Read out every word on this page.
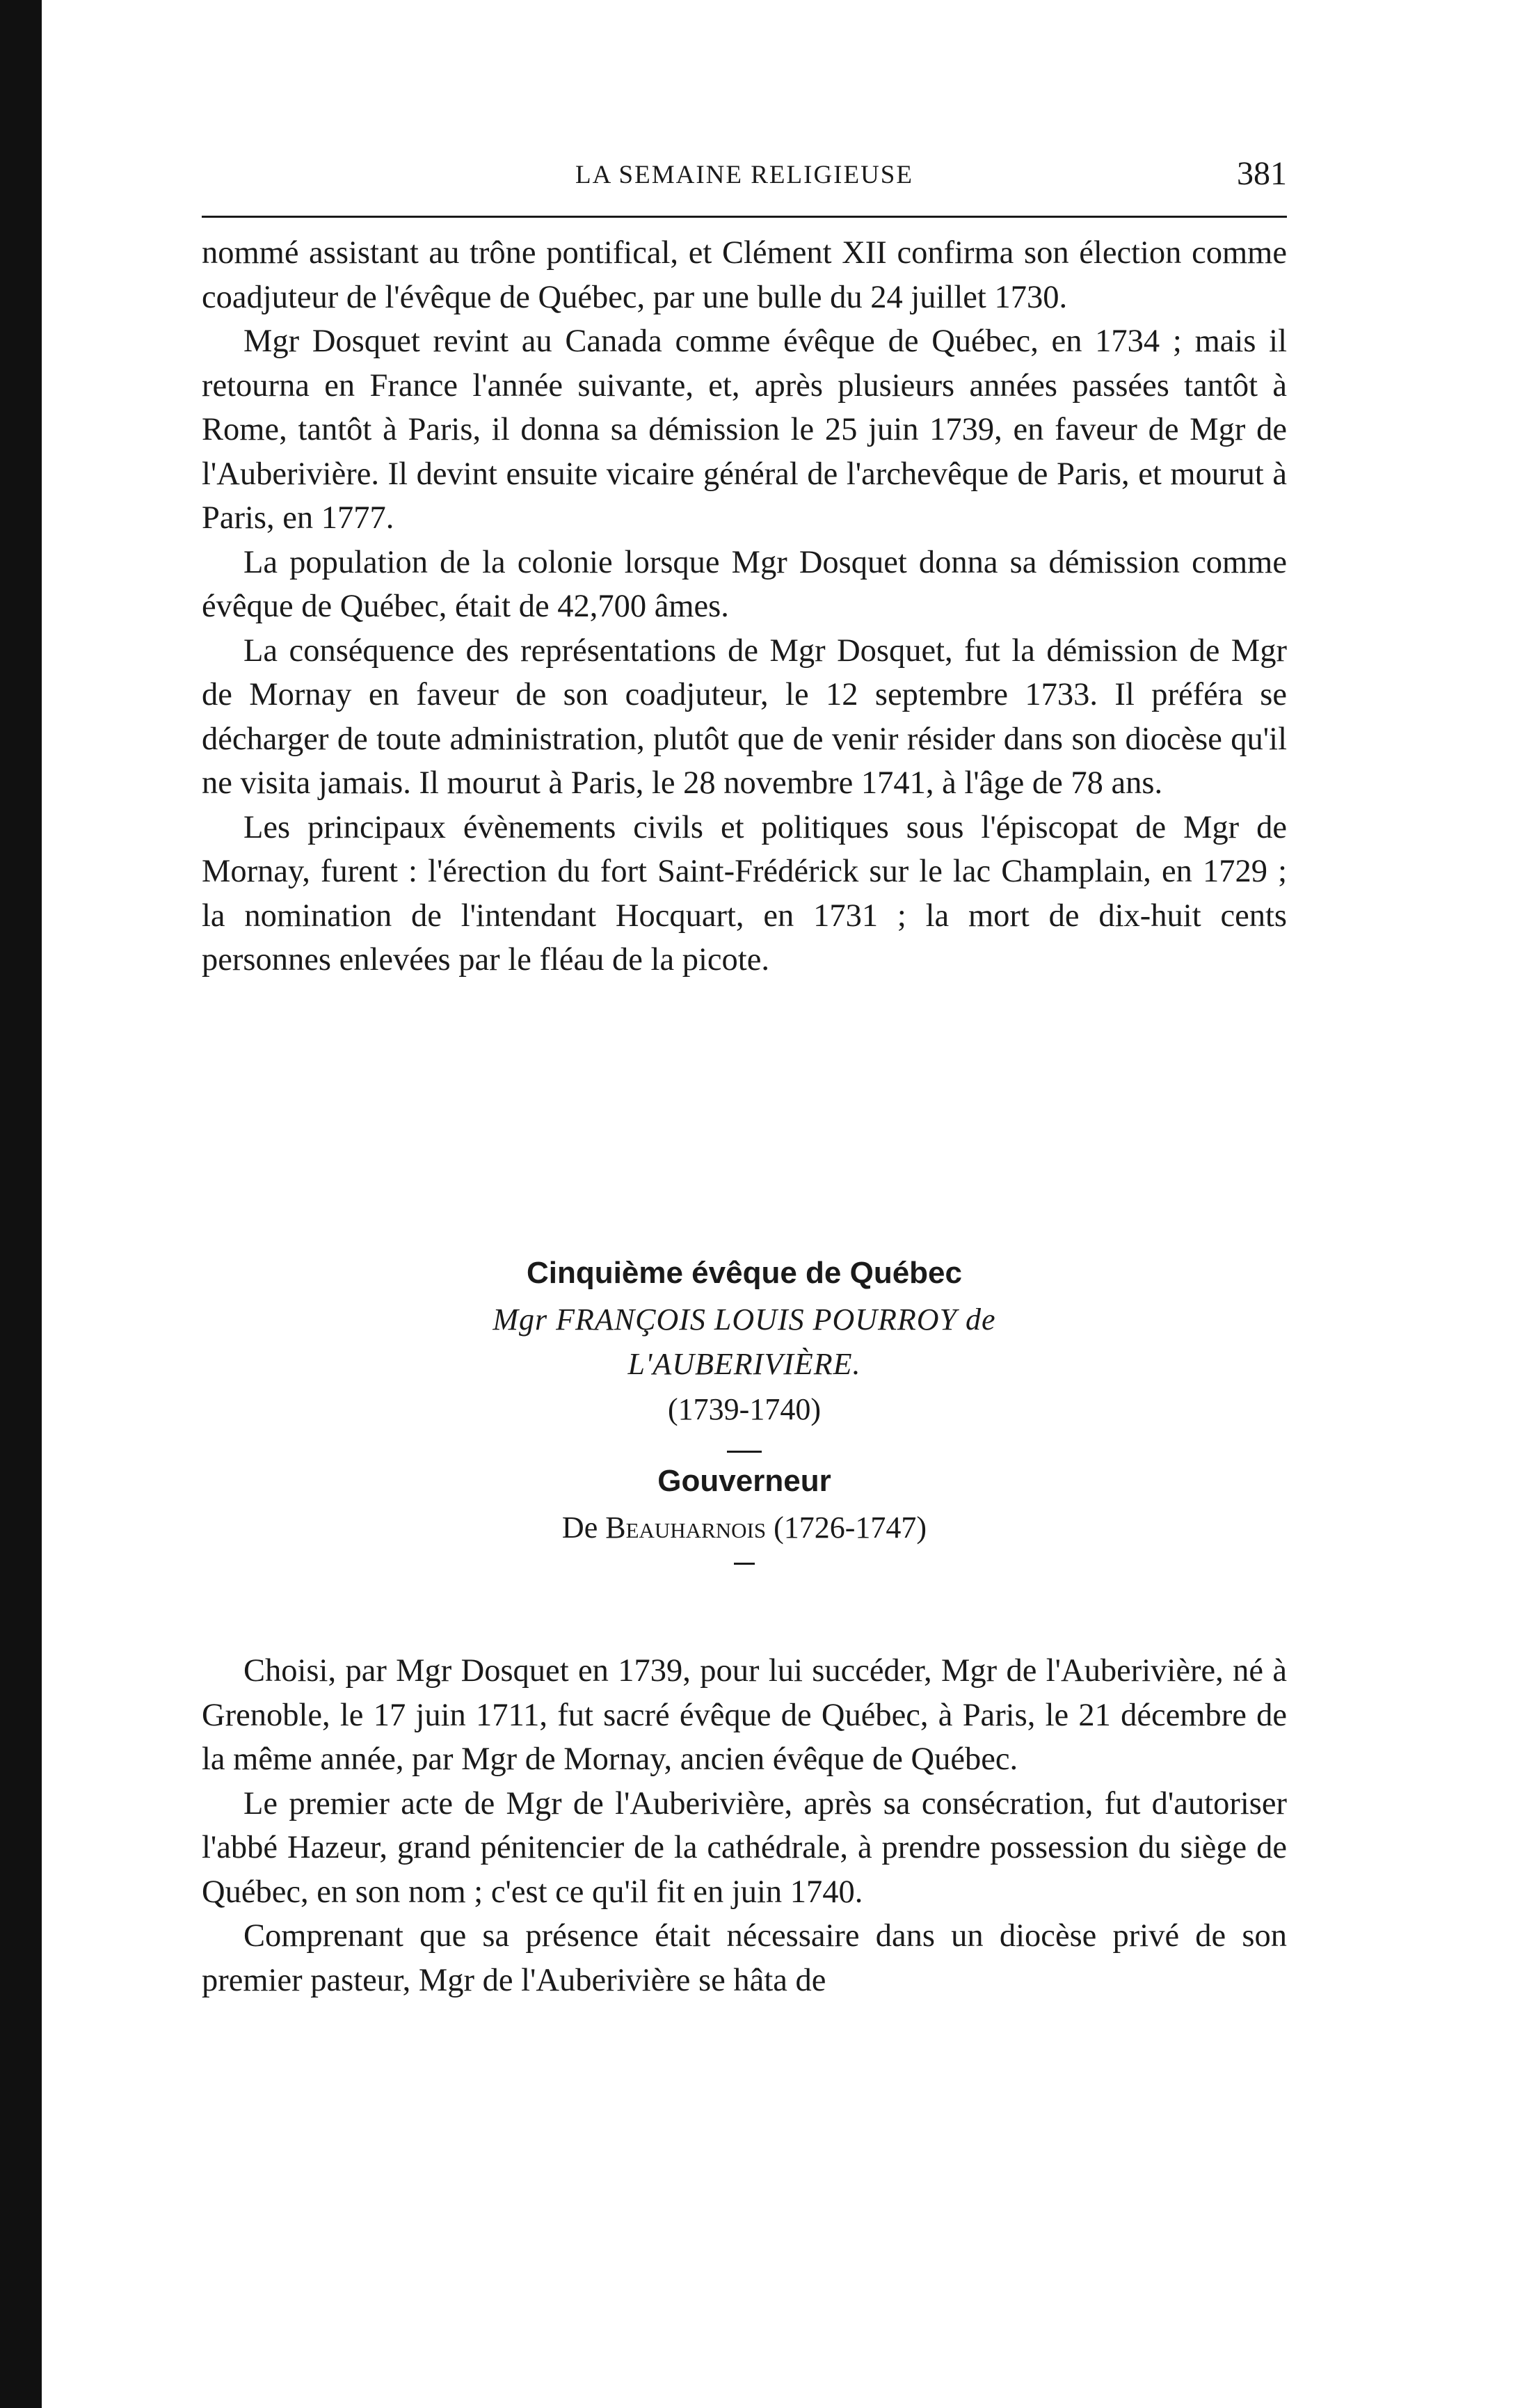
LA SEMAINE RELIGIEUSE	381

nommé assistant au trône pontifical, et Clément XII confirma son élection comme coadjuteur de l'évêque de Québec, par une bulle du 24 juillet 1730.

Mgr Dosquet revint au Canada comme évêque de Québec, en 1734 ; mais il retourna en France l'année suivante, et, après plusieurs années passées tantôt à Rome, tantôt à Paris, il donna sa démission le 25 juin 1739, en faveur de Mgr de l'Auberivière. Il devint ensuite vicaire général de l'archevêque de Paris, et mourut à Paris, en 1777.

La population de la colonie lorsque Mgr Dosquet donna sa démission comme évêque de Québec, était de 42,700 âmes.

La conséquence des représentations de Mgr Dosquet, fut la démission de Mgr de Mornay en faveur de son coadjuteur, le 12 septembre 1733. Il préféra se décharger de toute administration, plutôt que de venir résider dans son diocèse qu'il ne visita jamais. Il mourut à Paris, le 28 novembre 1741, à l'âge de 78 ans.

Les principaux évènements civils et politiques sous l'épiscopat de Mgr de Mornay, furent : l'érection du fort Saint-Frédérick sur le lac Champlain, en 1729 ; la nomination de l'intendant Hocquart, en 1731 ; la mort de dix-huit cents personnes enlevées par le fléau de la picote.

Cinquième évêque de Québec
Mgr FRANÇOIS LOUIS POURROY de
L'AUBERIVIÈRE.
(1739-1740)
Gouverneur
De Beauharnois (1726-1747)

Choisi, par Mgr Dosquet en 1739, pour lui succéder, Mgr de l'Auberivière, né à Grenoble, le 17 juin 1711, fut sacré évêque de Québec, à Paris, le 21 décembre de la même année, par Mgr de Mornay, ancien évêque de Québec.

Le premier acte de Mgr de l'Auberivière, après sa consécration, fut d'autoriser l'abbé Hazeur, grand pénitencier de la cathédrale, à prendre possession du siège de Québec, en son nom ; c'est ce qu'il fit en juin 1740.

Comprenant que sa présence était nécessaire dans un diocèse privé de son premier pasteur, Mgr de l'Auberivière se hâta de
